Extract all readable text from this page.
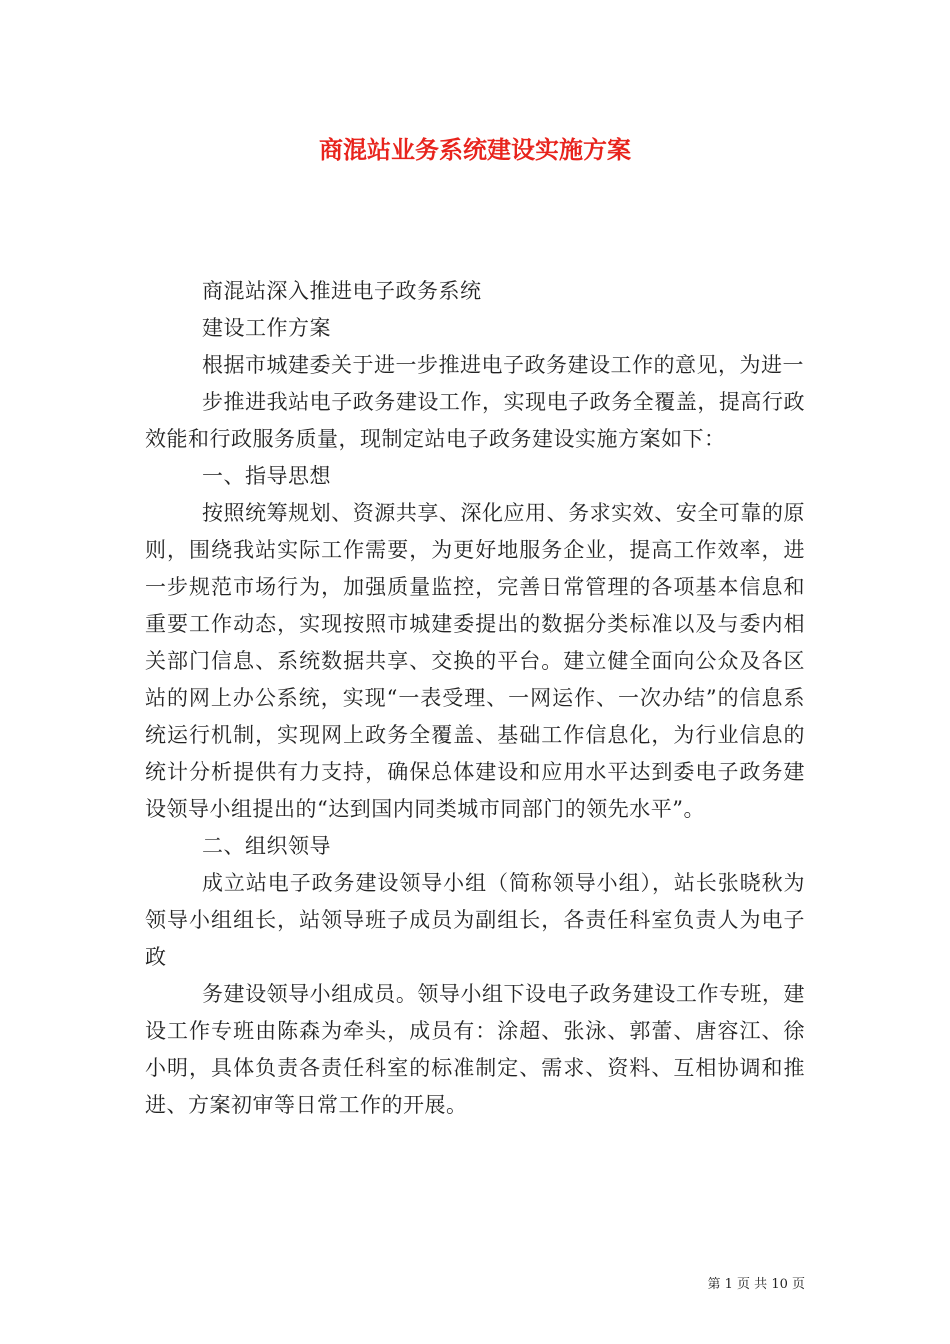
商混站业务系统建设实施方案

商混站深入推进电子政务系统

建设工作方案

根据市城建委关于进一步推进电子政务建设工作的意见，为进一

步推进我站电子政务建设工作，实现电子政务全覆盖，提高行政效能和行政服务质量，现制定站电子政务建设实施方案如下：

一、指导思想

按照统筹规划、资源共享、深化应用、务求实效、安全可靠的原则，围绕我站实际工作需要，为更好地服务企业，提高工作效率，进一步规范市场行为，加强质量监控，完善日常管理的各项基本信息和重要工作动态，实现按照市城建委提出的数据分类标准以及与委内相关部门信息、系统数据共享、交换的平台。建立健全面向公众及各区站的网上办公系统，实现“一表受理、一网运作、一次办结”的信息系统运行机制，实现网上政务全覆盖、基础工作信息化，为行业信息的统计分析提供有力支持，确保总体建设和应用水平达到委电子政务建设领导小组提出的“达到国内同类城市同部门的领先水平”。

二、组织领导

成立站电子政务建设领导小组（简称领导小组），站长张晓秋为领导小组组长，站领导班子成员为副组长，各责任科室负责人为电子政

务建设领导小组成员。领导小组下设电子政务建设工作专班，建设工作专班由陈森为牵头，成员有：涂超、张泳、郭蕾、唐容江、徐小明，具体负责各责任科室的标准制定、需求、资料、互相协调和推进、方案初审等日常工作的开展。

第 1 页 共 10 页
